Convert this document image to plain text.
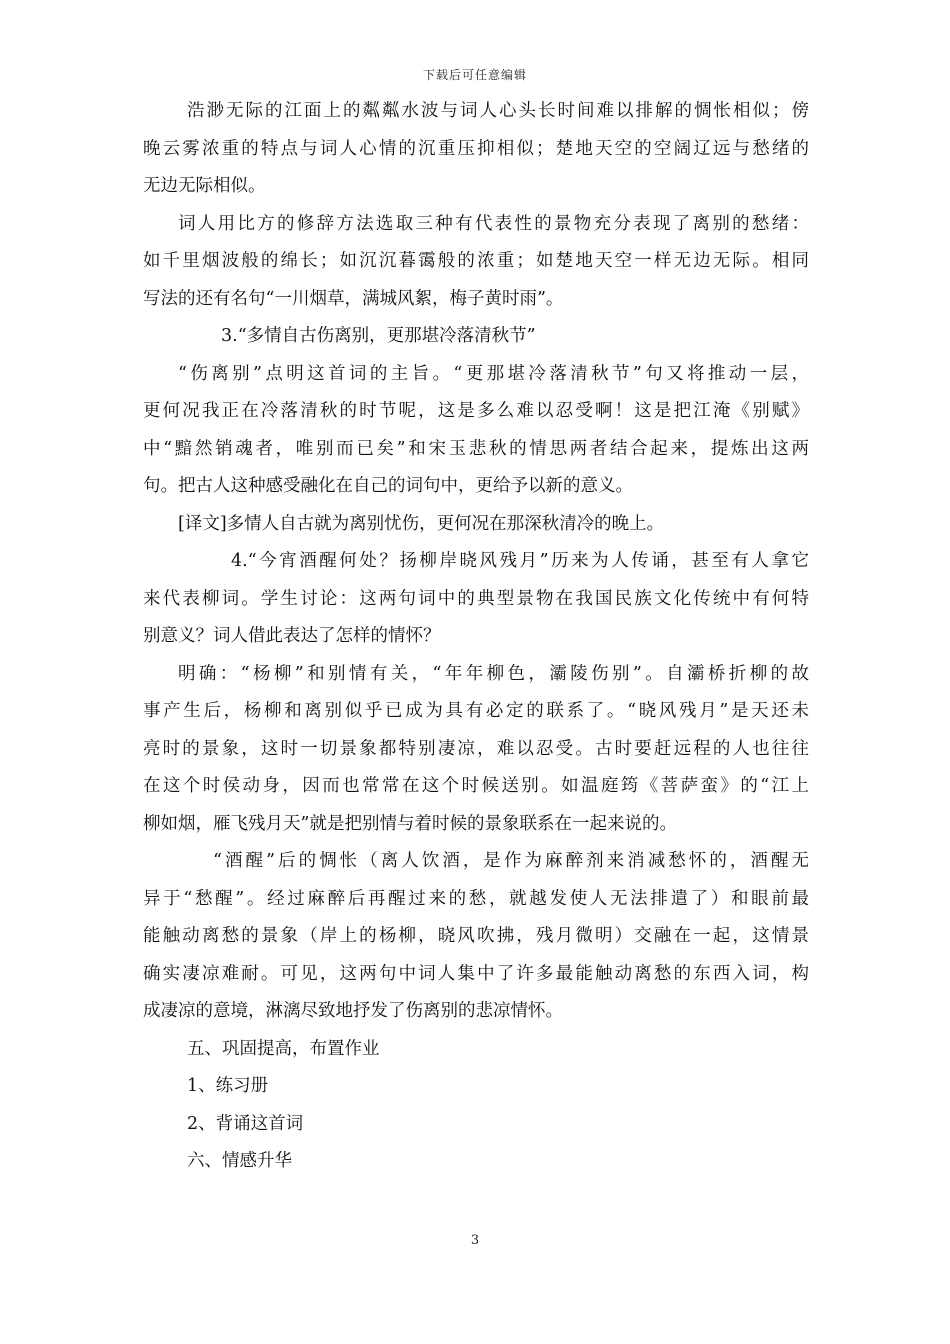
下载后可任意编辑
浩渺无际的江面上的粼粼水波与词人心头长时间难以排解的惆怅相似；傍
晚云雾浓重的特点与词人心情的沉重压抑相似；楚地天空的空阔辽远与愁绪的
无边无际相似。
词人用比方的修辞方法选取三种有代表性的景物充分表现了离别的愁绪：
如千里烟波般的绵长；如沉沉暮霭般的浓重；如楚地天空一样无边无际。相同
写法的还有名句“一川烟草，满城风絮，梅子黄时雨”。
3.“多情自古伤离别，更那堪冷落清秋节”
“伤离别”点明这首词的主旨。“更那堪冷落清秋节”句又将推动一层，
更何况我正在冷落清秋的时节呢，这是多么难以忍受啊！这是把江淹《别赋》
中“黯然销魂者，唯别而已矣”和宋玉悲秋的情思两者结合起来，提炼出这两
句。把古人这种感受融化在自己的词句中，更给予以新的意义。
[译文]多情人自古就为离别忧伤，更何况在那深秋清冷的晚上。
4.“今宵酒醒何处？扬柳岸晓风残月”历来为人传诵，甚至有人拿它
来代表柳词。学生讨论：这两句词中的典型景物在我国民族文化传统中有何特
别意义？词人借此表达了怎样的情怀？
明确：“杨柳”和别情有关，“年年柳色，灞陵伤别”。自灞桥折柳的故
事产生后，杨柳和离别似乎已成为具有必定的联系了。“晓风残月”是天还未
亮时的景象，这时一切景象都特别凄凉，难以忍受。古时要赶远程的人也往往
在这个时侯动身，因而也常常在这个时候送别。如温庭筠《菩萨蛮》的“江上
柳如烟，雁飞残月天”就是把别情与着时候的景象联系在一起来说的。
“酒醒”后的惆怅（离人饮酒，是作为麻醉剂来消减愁怀的，酒醒无
异于“愁醒”。经过麻醉后再醒过来的愁，就越发使人无法排遣了）和眼前最
能触动离愁的景象（岸上的杨柳，晓风吹拂，残月微明）交融在一起，这情景
确实凄凉难耐。可见，这两句中词人集中了许多最能触动离愁的东西入词，构
成凄凉的意境，淋漓尽致地抒发了伤离别的悲凉情怀。
五、巩固提高，布置作业
1、练习册
2、背诵这首词
六、情感升华
3
